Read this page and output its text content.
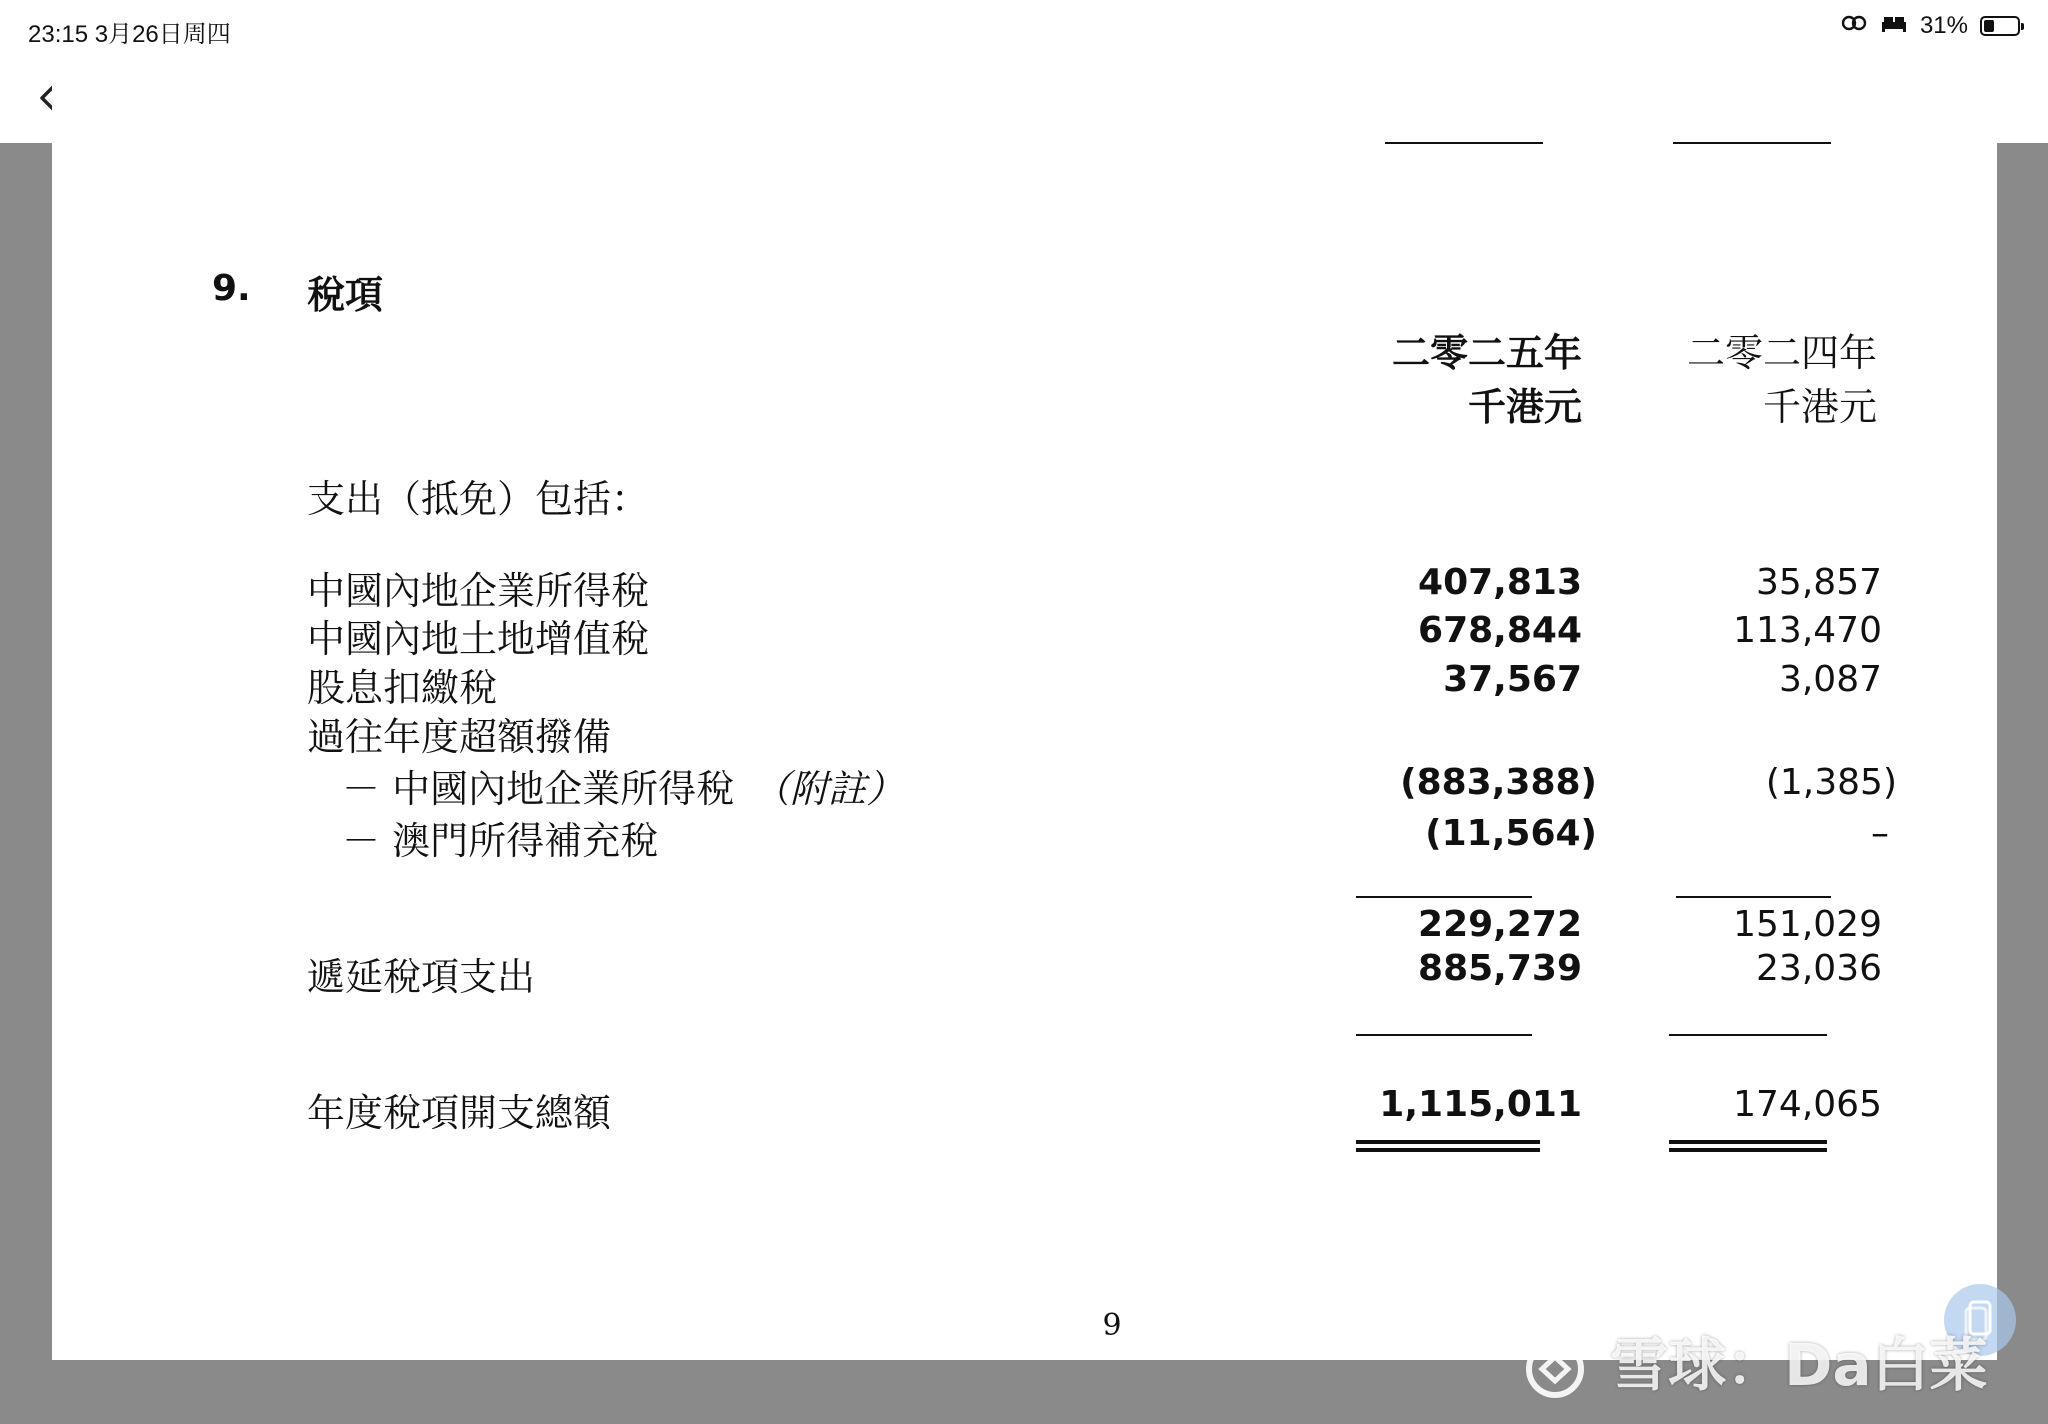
23:15 3月26日周四	31%
9. 稅項
二零二五年
千港元
二零二四年
千港元
支出（抵免）包括：
中國內地企業所得稅	407,813	35,857
中國內地土地增值稅	678,844	113,470
股息扣繳稅	37,567	3,087
過往年度超額撥備
－ 中國內地企業所得稅 （附註）	(883,388)	(1,385)
－ 澳門所得補充稅	(11,564)	–
229,272	151,029
遞延稅項支出	885,739	23,036
年度稅項開支總額	1,115,011	174,065
9
雪球：Da白菜
